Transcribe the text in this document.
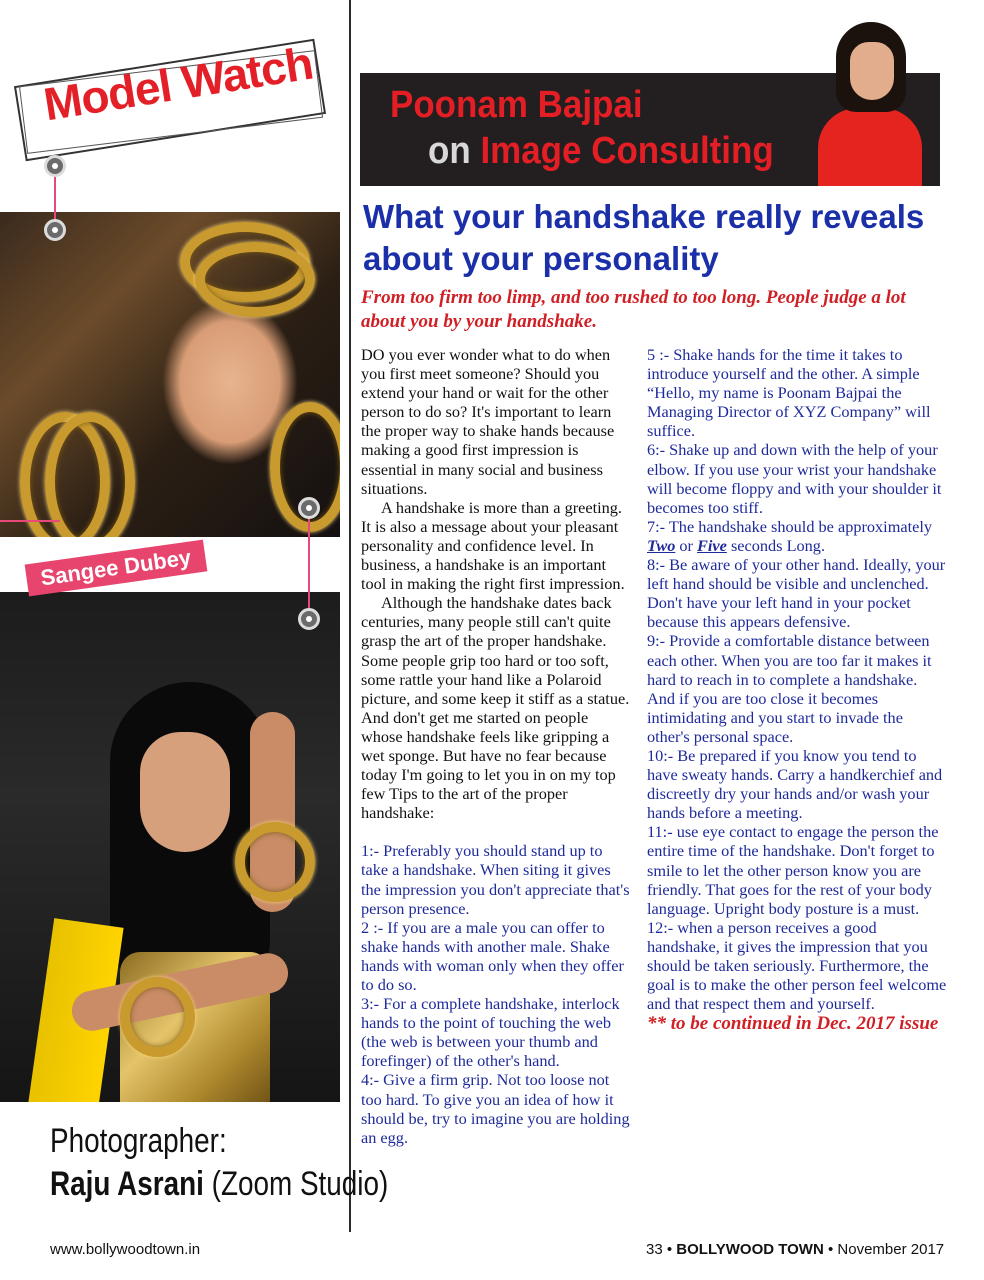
Model Watch
Sangee Dubey
Photographer:
Raju Asrani (Zoom Studio)
Poonam Bajpai
on Image Consulting
What your handshake really reveals about your personality
From too firm too limp, and too rushed to too long. People judge a lot about you by your handshake.

DO you ever wonder what to do when you first meet someone? Should you extend your hand or wait for the other person to do so? It's important to learn the proper way to shake hands because making a good first impression is essential in many social and business situations.

A handshake is more than a greeting. It is also a message about your pleasant personality and confidence level. In business, a handshake is an important tool in making the right first impression.

Although the handshake dates back centuries, many people still can't quite grasp the art of the proper handshake. Some people grip too hard or too soft, some rattle your hand like a Polaroid picture, and some keep it stiff as a statue. And don't get me started on people whose handshake feels like gripping a wet sponge. But have no fear because today I'm going to let you in on my top few Tips to the art of the proper handshake:

1:- Preferably you should stand up to take a handshake. When siting it gives the impression you don't appreciate that's person presence.

2 :- If you are a male you can offer to shake hands with another male. Shake hands with woman only when they offer to do so.

3:- For a complete handshake, interlock hands to the point of touching the web (the web is between your thumb and forefinger) of the other's hand.

4:- Give a firm grip. Not too loose not too hard. To give you an idea of how it should be, try to imagine you are holding an egg.

5 :- Shake hands for the time it takes to introduce yourself and the other. A simple “Hello, my name is Poonam Bajpai the Managing Director of XYZ Company” will suffice.

6:- Shake up and down with the help of your elbow. If you use your wrist your handshake will become floppy and with your shoulder it becomes too stiff.

7:- The handshake should be approximately Two or Five seconds Long.

8:- Be aware of your other hand. Ideally, your left hand should be visible and unclenched. Don't have your left hand in your pocket because this appears defensive.

9:- Provide a comfortable distance between each other. When you are too far it makes it hard to reach in to complete a handshake. And if you are too close it becomes intimidating and you start to invade the other's personal space.

10:- Be prepared if you know you tend to have sweaty hands. Carry a handkerchief and discreetly dry your hands and/or wash your hands before a meeting.

11:- use eye contact to engage the person the entire time of the handshake. Don't forget to smile to let the other person know you are friendly. That goes for the rest of your body language. Upright body posture is a must.

12:- when a person receives a good handshake, it gives the impression that you should be taken seriously. Furthermore, the goal is to make the other person feel welcome and that respect them and yourself.

** to be continued in Dec. 2017 issue

www.bollywoodtown.in	33 • BOLLYWOOD TOWN • November 2017
